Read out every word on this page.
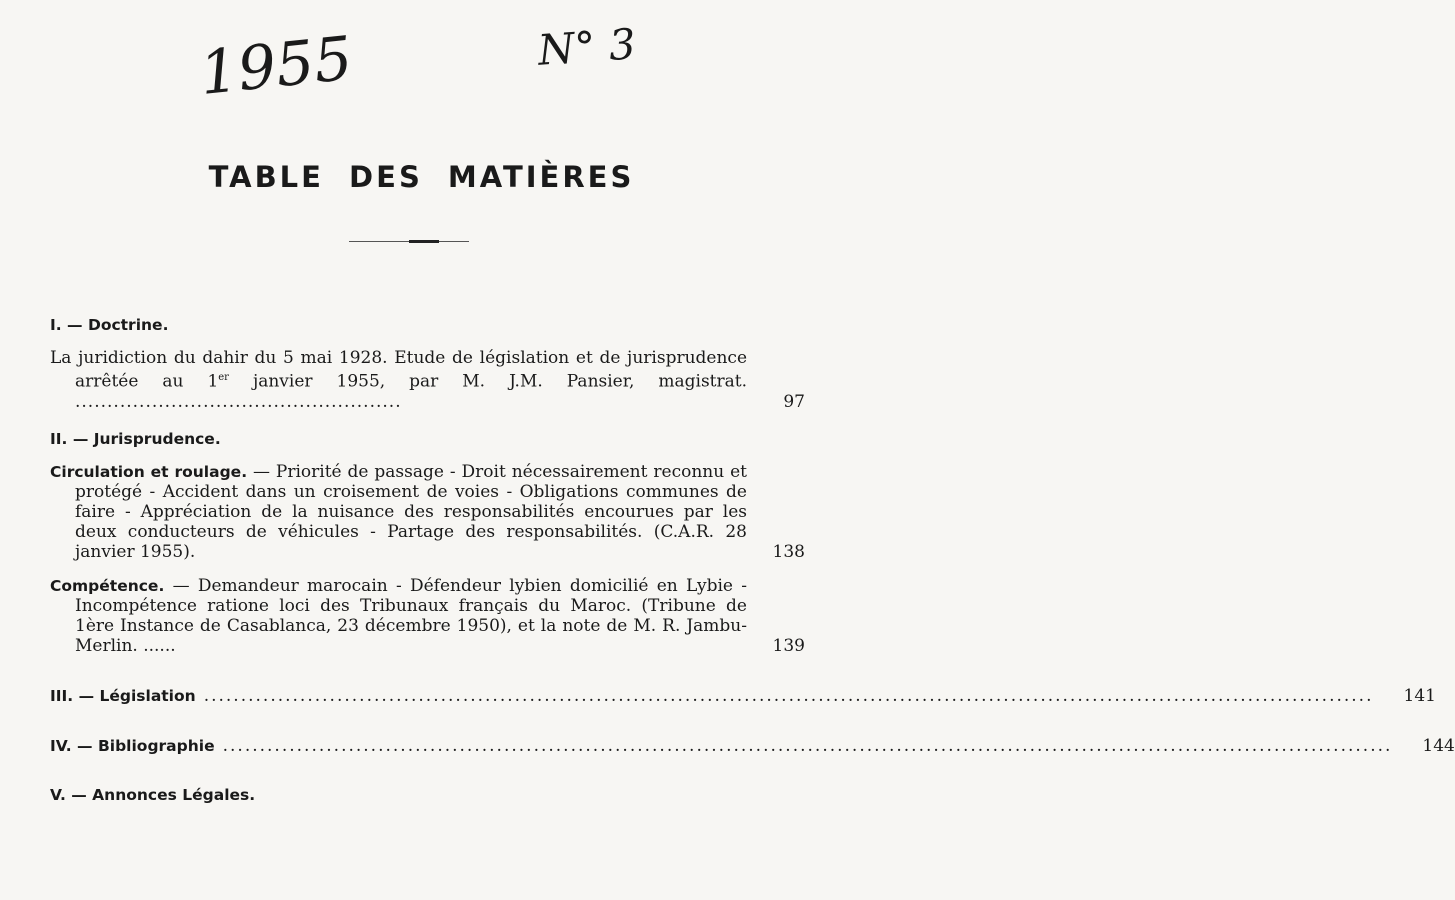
1955	N° 3
TABLE DES MATIÈRES
I. — Doctrine.
La juridiction du dahir du 5 mai 1928. Etude de législation et de jurisprudence arrêtée au 1er janvier 1955, par M. J.M. Pansier, magistrat. ...................................................	97
II. — Jurisprudence.
Circulation et roulage. — Priorité de passage - Droit nécessairement reconnu et protégé - Accident dans un croisement de voies - Obligations communes de faire - Appréciation de la nuisance des responsabilités encourues par les deux conducteurs de véhicules - Partage des responsabilités. (C.A.R. 28 janvier 1955).	138
Compétence. — Demandeur marocain - Défendeur lybien domicilié en Lybie - Incompétence ratione loci des Tribunaux français du Maroc. (Tribune de 1ère Instance de Casablanca, 23 décembre 1950), et la note de M. R. Jambu-Merlin. ......	139
III. — Législation .............................................................................................................................................................. 141
IV. — Bibliographie .............................................................................................................................................................. 144
V. — Annonces Légales.
